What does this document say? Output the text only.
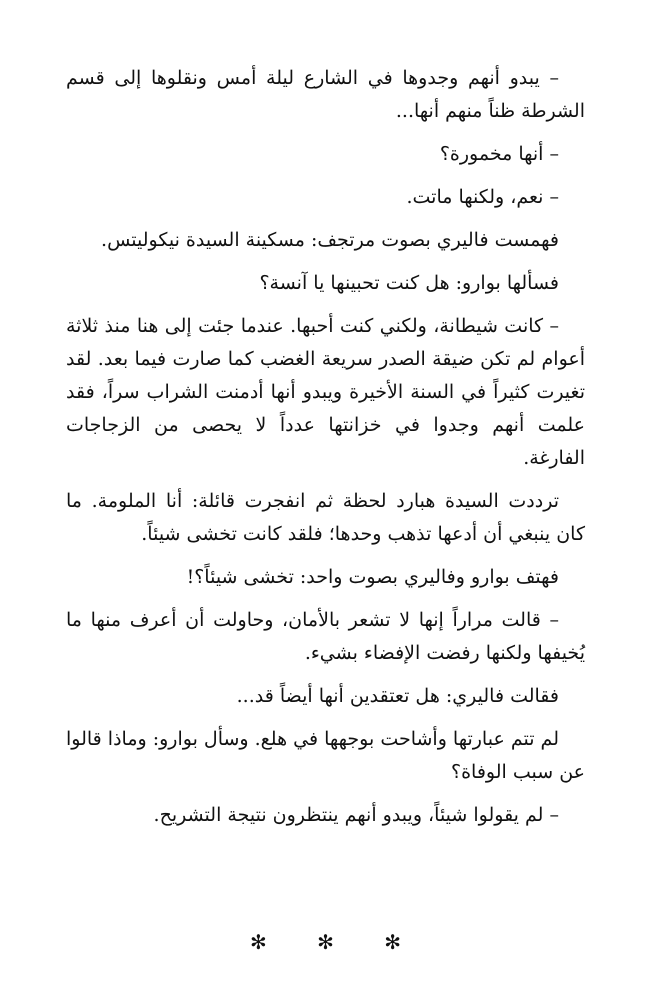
– يبدو أنهم وجدوها في الشارع ليلة أمس ونقلوها إلى قسم الشرطة ظناً منهم أنها...

– أنها مخمورة؟

– نعم، ولكنها ماتت.

فهمست فاليري بصوت مرتجف: مسكينة السيدة نيكوليتس.

فسألها بوارو: هل كنت تحبينها يا آنسة؟

– كانت شيطانة، ولكني كنت أحبها. عندما جئت إلى هنا منذ ثلاثة أعوام لم تكن ضيقة الصدر سريعة الغضب كما صارت فيما بعد. لقد تغيرت كثيراً في السنة الأخيرة ويبدو أنها أدمنت الشراب سراً، فقد علمت أنهم وجدوا في خزانتها عدداً لا يحصى من الزجاجات الفارغة.

ترددت السيدة هبارد لحظة ثم انفجرت قائلة: أنا الملومة. ما كان ينبغي أن أدعها تذهب وحدها؛ فلقد كانت تخشى شيئاً.

فهتف بوارو وفاليري بصوت واحد: تخشى شيئاً؟!

– قالت مراراً إنها لا تشعر بالأمان، وحاولت أن أعرف منها ما يُخيفها ولكنها رفضت الإفضاء بشيء.

فقالت فاليري: هل تعتقدين أنها أيضاً قد...

لم تتم عبارتها وأشاحت بوجهها في هلع. وسأل بوارو: وماذا قالوا عن سبب الوفاة؟

– لم يقولوا شيئاً، ويبدو أنهم ينتظرون نتيجة التشريح.

✻ ✻ ✻
